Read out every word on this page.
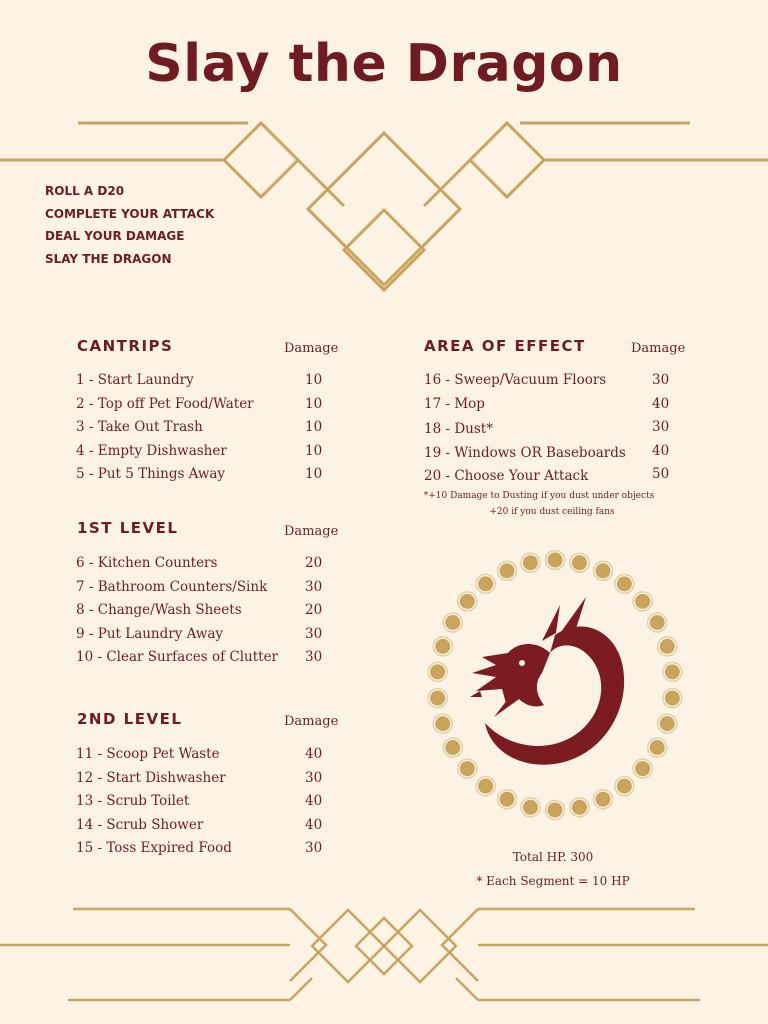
Slay the Dragon
ROLL A D20
COMPLETE YOUR ATTACK
DEAL YOUR DAMAGE
SLAY THE DRAGON
CANTRIPS	Damage
1 - Start Laundry	10
2 - Top off Pet Food/Water	10
3 - Take Out Trash	10
4 - Empty Dishwasher	10
5 - Put 5 Things Away	10
1ST LEVEL	Damage
6 - Kitchen Counters	20
7 - Bathroom Counters/Sink	30
8 - Change/Wash Sheets	20
9 - Put Laundry Away	30
10 - Clear Surfaces of Clutter 30
2ND LEVEL	Damage
11 - Scoop Pet Waste	40
12 - Start Dishwasher	30
13 - Scrub Toilet	40
14 - Scrub Shower	40
15 - Toss Expired Food	30
AREA OF EFFECT	Damage
16 - Sweep/Vacuum Floors	30
17 - Mop	40
18 - Dust*	30
19 - Windows OR Baseboards 40
20 - Choose Your Attack	50
*+10 Damage to Dusting if you dust under objects
+20 if you dust ceiling fans
Total HP. 300
* Each Segment = 10 HP
